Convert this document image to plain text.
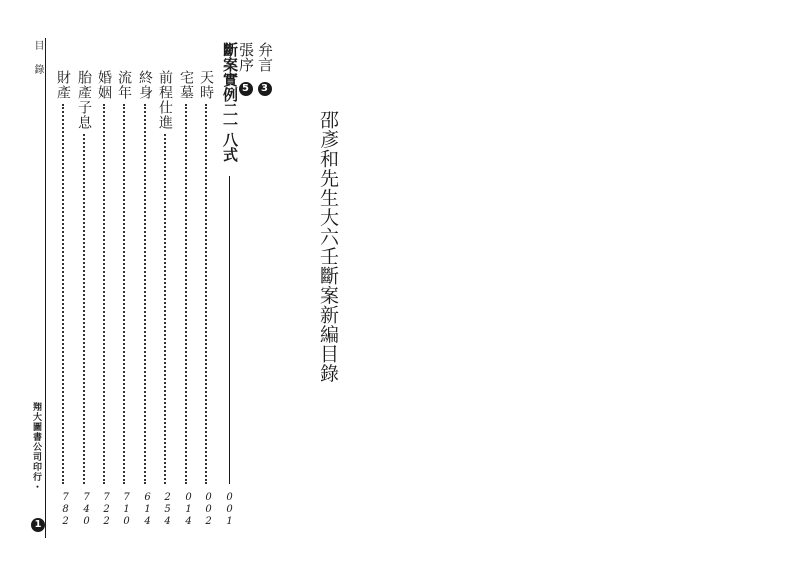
邵彥和先生大六壬斷案新編目錄
弁言
3
張序
5
斷案實例二一八式
001
天時
002
宅墓
014
前程仕進
254
終身
614
流年
710
婚姻
722
胎產子息
740
財產
782
目錄
翔大圖書公司印行・
1
